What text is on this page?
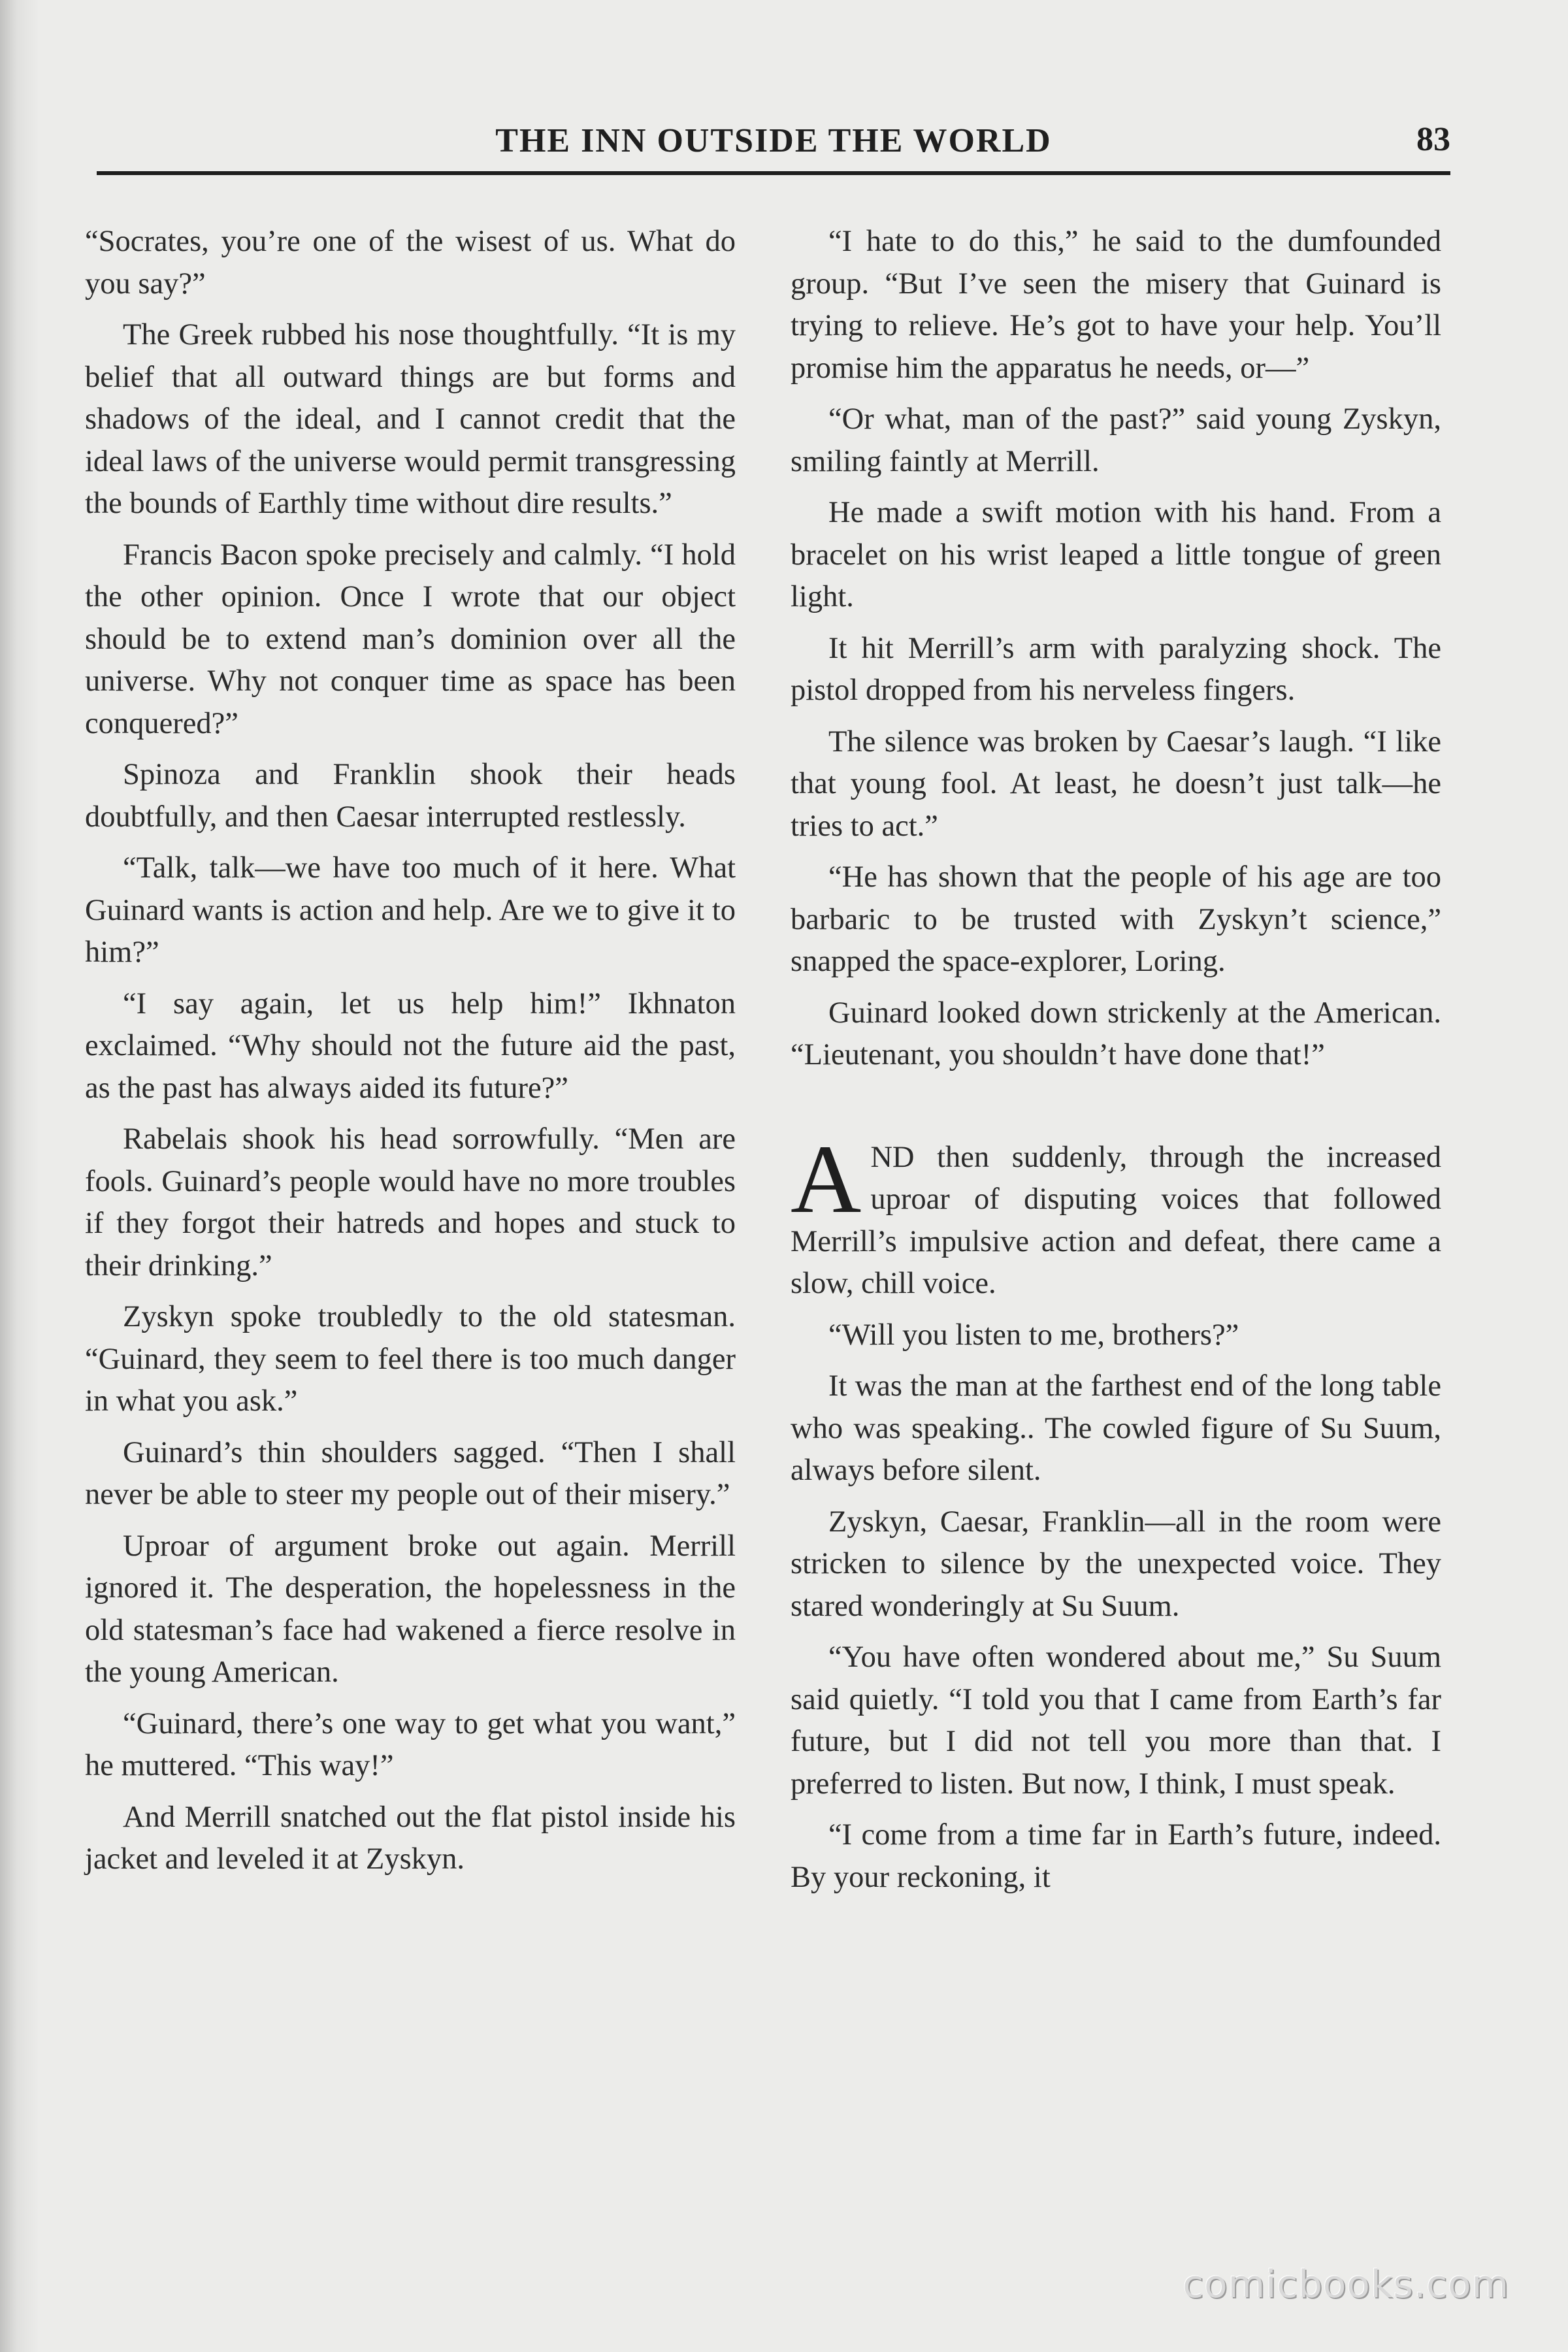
THE INN OUTSIDE THE WORLD	83

“Socrates, you’re one of the wisest of us. What do you say?”

The Greek rubbed his nose thoughtfully. “It is my belief that all outward things are but forms and shadows of the ideal, and I cannot credit that the ideal laws of the universe would permit transgressing the bounds of Earthly time without dire results.”

Francis Bacon spoke precisely and calmly. “I hold the other opinion. Once I wrote that our object should be to extend man’s dominion over all the universe. Why not conquer time as space has been conquered?”

Spinoza and Franklin shook their heads doubtfully, and then Caesar interrupted restlessly.

“Talk, talk—we have too much of it here. What Guinard wants is action and help. Are we to give it to him?”

“I say again, let us help him!” Ikhnaton exclaimed. “Why should not the future aid the past, as the past has always aided its future?”

Rabelais shook his head sorrowfully. “Men are fools. Guinard’s people would have no more troubles if they forgot their hatreds and hopes and stuck to their drinking.”

Zyskyn spoke troubledly to the old statesman. “Guinard, they seem to feel there is too much danger in what you ask.”

Guinard’s thin shoulders sagged. “Then I shall never be able to steer my people out of their misery.”

Uproar of argument broke out again. Merrill ignored it. The desperation, the hopelessness in the old statesman’s face had wakened a fierce resolve in the young American.

“Guinard, there’s one way to get what you want,” he muttered. “This way!”

And Merrill snatched out the flat pistol inside his jacket and leveled it at Zyskyn.

“I hate to do this,” he said to the dumfounded group. “But I’ve seen the misery that Guinard is trying to relieve. He’s got to have your help. You’ll promise him the apparatus he needs, or—”

“Or what, man of the past?” said young Zyskyn, smiling faintly at Merrill.

He made a swift motion with his hand. From a bracelet on his wrist leaped a little tongue of green light.

It hit Merrill’s arm with paralyzing shock. The pistol dropped from his nerveless fingers.

The silence was broken by Caesar’s laugh. “I like that young fool. At least, he doesn’t just talk—he tries to act.”

“He has shown that the people of his age are too barbaric to be trusted with Zyskyn’t science,” snapped the space-explorer, Loring.

Guinard looked down strickenly at the American. “Lieutenant, you shouldn’t have done that!”

AND then suddenly, through the increased uproar of disputing voices that followed Merrill’s impulsive action and defeat, there came a slow, chill voice.

“Will you listen to me, brothers?”

It was the man at the farthest end of the long table who was speaking.. The cowled figure of Su Suum, always before silent.

Zyskyn, Caesar, Franklin—all in the room were stricken to silence by the unexpected voice. They stared wonderingly at Su Suum.

“You have often wondered about me,” Su Suum said quietly. “I told you that I came from Earth’s far future, but I did not tell you more than that. I preferred to listen. But now, I think, I must speak.

“I come from a time far in Earth’s future, indeed. By your reckoning, it

comicbooks.com
